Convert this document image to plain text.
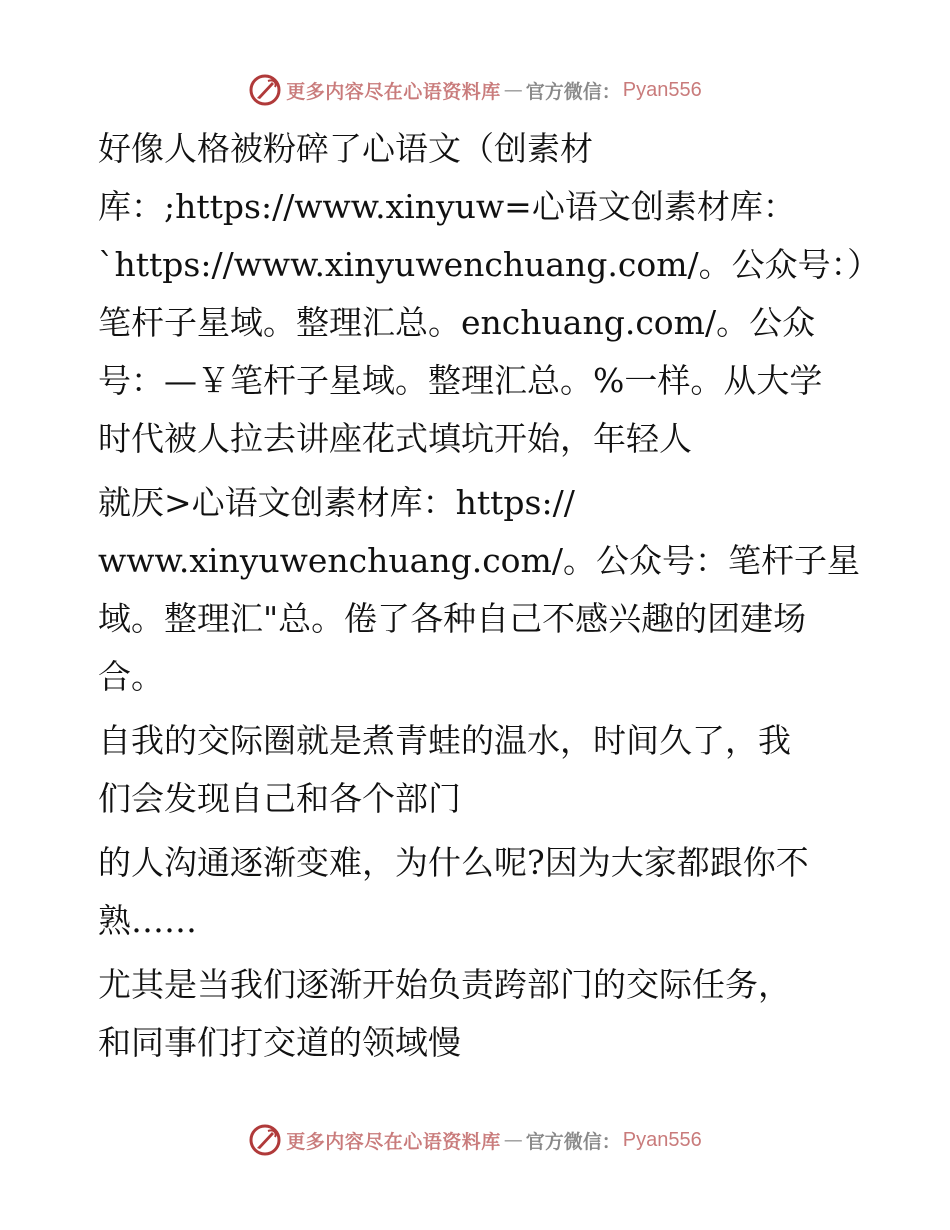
更多内容尽在心语资料库 — 官方微信： Pyan556
好像人格被粉碎了心语文（创素材
库：;https://www.xinyuw=心语文创素材库：
`https://www.xinyuwenchuang.com/。公众号：）
笔杆子星域。整理汇总。enchuang.com/。公众
号：—￥笔杆子星域。整理汇总。%一样。从大学
时代被人拉去讲座花式填坑开始，年轻人
就厌>心语文创素材库：https://
www.xinyuwenchuang.com/。公众号：笔杆子星
域。整理汇"总。倦了各种自己不感兴趣的团建场
合。
自我的交际圈就是煮青蛙的温水，时间久了，我
们会发现自己和各个部门
的人沟通逐渐变难，为什么呢?因为大家都跟你不
熟……
尤其是当我们逐渐开始负责跨部门的交际任务，
和同事们打交道的领域慢
更多内容尽在心语资料库 — 官方微信： Pyan556
